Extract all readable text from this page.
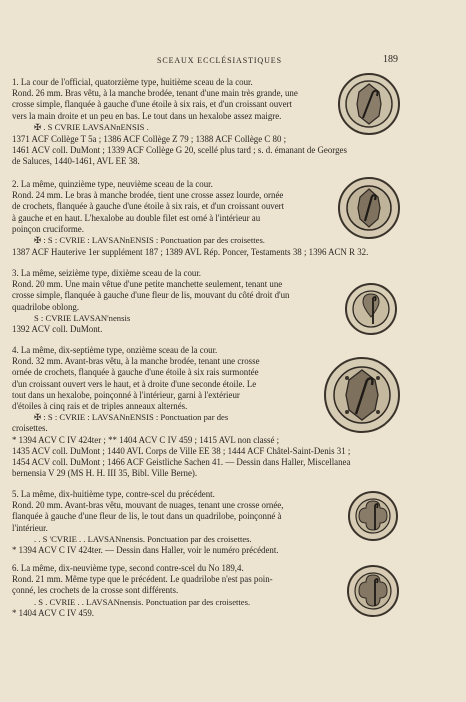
SCEAUX ECCLÉSIASTIQUES	189

1. La cour de l'official, quatorzième type, huitième sceau de la cour.

Rond. 26 mm. Bras vêtu, à la manche brodée, tenant d'une main très grande, une

crosse simple, flanquée à gauche d'une étoile à six rais, et d'un croissant ouvert

vers la main droite et un peu en bas. Le tout dans un hexalobe assez maigre.

✠ . S CVRIE LAVSANnENSIS .

1371 ACF Collège T 5a ; 1386 ACF Collège Z 79 ; 1388 ACF Collège C 80 ;

1461 ACV coll. DuMont ; 1339 ACF Collège G 20, scellé plus tard ; s. d. émanant de Georges

de Saluces, 1440-1461, AVL EE 38.

2. La même, quinzième type, neuvième sceau de la cour.

Rond. 24 mm. Le bras à manche brodée, tient une crosse assez lourde, ornée

de crochets, flanquée à gauche d'une étoile à six rais, et d'un croissant ouvert

à gauche et en haut. L'hexalobe au double filet est orné à l'intérieur au

poinçon cruciforme.

✠ : S : CVRIE : LAVSANnENSIS : Ponctuation par des croisettes.

1387 ACF Hauterive 1er supplément 187 ; 1389 AVL Rép. Poncer, Testaments 38 ; 1396 ACN R 32.

3. La même, seizième type, dixième sceau de la cour.

Rond. 20 mm. Une main vêtue d'une petite manchette seulement, tenant une

crosse simple, flanquée à gauche d'une fleur de lis, mouvant du côté droit d'un

quadrilobe oblong.

S : CVRIE LAVSAN'nensis

1392 ACV coll. DuMont.

4. La même, dix-septième type, onzième sceau de la cour.

Rond. 32 mm. Avant-bras vêtu, à la manche brodée, tenant une crosse

ornée de crochets, flanquée à gauche d'une étoile à six rais surmontée

d'un croissant ouvert vers le haut, et à droite d'une seconde étoile. Le

tout dans un hexalobe, poinçonné à l'intérieur, garni à l'extérieur

d'étoiles à cinq rais et de triples anneaux alternés.

✠ : S : CVRIE : LAVSANnENSIS : Ponctuation par des

croisettes.

* 1394 ACV C IV 424ter ; ** 1404 ACV C IV 459 ; 1415 AVL non classé ;

1435 ACV coll. DuMont ; 1440 AVL Corps de Ville EE 38 ; 1444 ACF Châtel-Saint-Denis 31 ;

1454 ACV coll. DuMont ; 1466 ACF Geistliche Sachen 41. — Dessin dans Haller, Miscellanea

bernensia V 29 (MS H. H. III 35, Bibl. Ville Berne).

5. La même, dix-huitième type, contre-scel du précédent.

Rond. 20 mm. Avant-bras vêtu, mouvant de nuages, tenant une crosse ornée,

flanquée à gauche d'une fleur de lis, le tout dans un quadrilobe, poinçonné à

l'intérieur.

. . S 'CVRIE . . LAVSANnensis. Ponctuation par des croisettes.

* 1394 ACV C IV 424ter. — Dessin dans Haller, voir le numéro précédent.

6. La même, dix-neuvième type, second contre-scel du No 189,4.

Rond. 21 mm. Même type que le précédent. Le quadrilobe n'est pas poin-

çonné, les crochets de la crosse sont différents.

. S . CVRIE . . LAVSANnensis. Ponctuation par des croisettes.

* 1404 ACV C IV 459.
